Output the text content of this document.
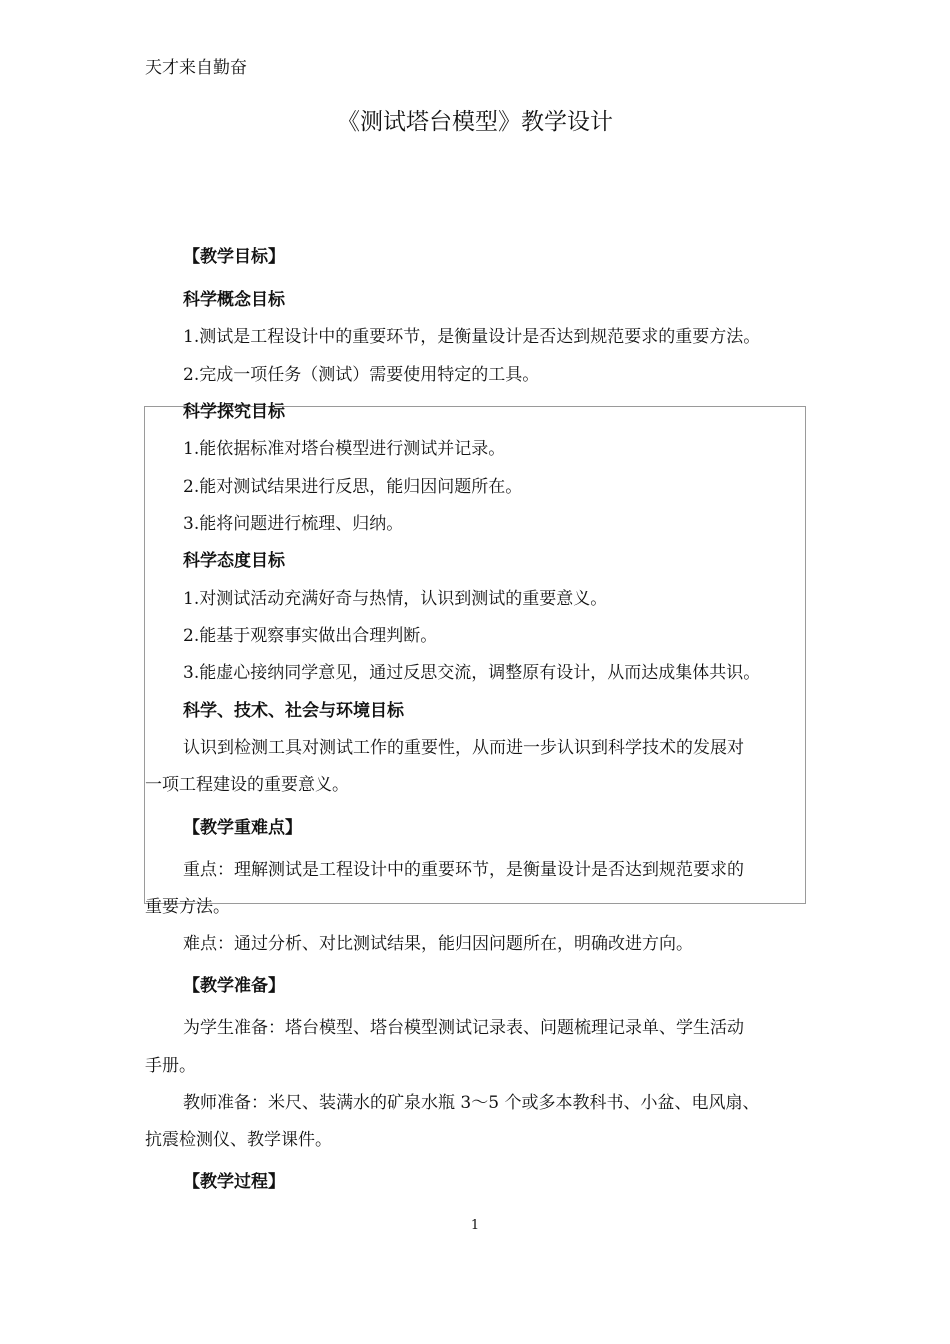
天才来自勤奋
《测试塔台模型》教学设计
【教学目标】
科学概念目标
1.测试是工程设计中的重要环节，是衡量设计是否达到规范要求的重要方法。
2.完成一项任务（测试）需要使用特定的工具。
科学探究目标
1.能依据标准对塔台模型进行测试并记录。
2.能对测试结果进行反思，能归因问题所在。
3.能将问题进行梳理、归纳。
科学态度目标
1.对测试活动充满好奇与热情，认识到测试的重要意义。
2.能基于观察事实做出合理判断。
3.能虚心接纳同学意见，通过反思交流，调整原有设计，从而达成集体共识。
科学、技术、社会与环境目标
认识到检测工具对测试工作的重要性，从而进一步认识到科学技术的发展对
一项工程建设的重要意义。
【教学重难点】
重点：理解测试是工程设计中的重要环节，是衡量设计是否达到规范要求的
重要方法。
难点：通过分析、对比测试结果，能归因问题所在，明确改进方向。
【教学准备】
为学生准备：塔台模型、塔台模型测试记录表、问题梳理记录单、学生活动
手册。
教师准备：米尺、装满水的矿泉水瓶 3～5 个或多本教科书、小盆、电风扇、
抗震检测仪、教学课件。
【教学过程】
1
